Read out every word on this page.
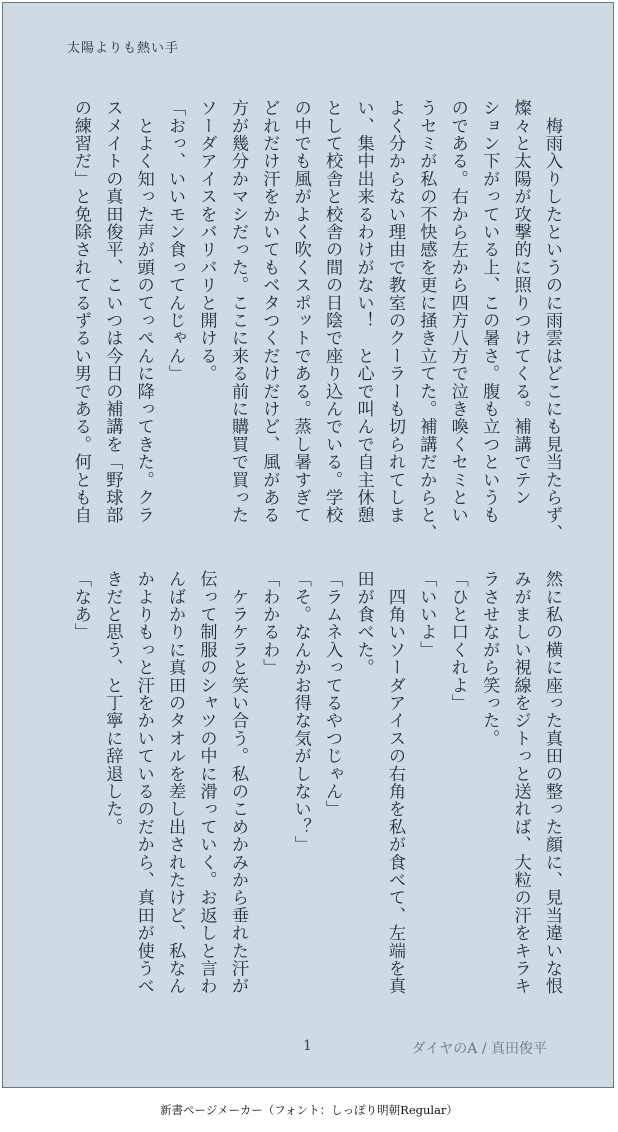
太陽よりも熱い手
　梅雨入りしたというのに雨雲はどこにも見当たらず、
燦々と太陽が攻撃的に照りつけてくる。補講でテン
ション下がっている上、この暑さ。腹も立つというも
のである。右から左から四方八方で泣き喚くセミとい
うセミが私の不快感を更に掻き立てた。補講だからと、
よく分からない理由で教室のクーラーも切られてしま
い、集中出来るわけがない！　と心で叫んで自主休憩
として校舎と校舎の間の日陰で座り込んでいる。学校
の中でも風がよく吹くスポットである。蒸し暑すぎて
どれだけ汗をかいてもベタつくだけだけど、風がある
方が幾分かマシだった。ここに来る前に購買で買った
ソーダアイスをバリバリと開ける。
「おっ、いいモン食ってんじゃん」
　とよく知った声が頭のてっぺんに降ってきた。クラ
スメイトの真田俊平、こいつは今日の補講を「野球部
の練習だ」と免除されてるずるい男である。何とも自
然に私の横に座った真田の整った顔に、見当違いな恨
みがましい視線をジトっと送れば、大粒の汗をキラキ
ラさせながら笑った。
「ひと口くれよ」
「いいよ」
　四角いソーダアイスの右角を私が食べて、左端を真
田が食べた。
「ラムネ入ってるやつじゃん」
「そ。なんかお得な気がしない？」
「わかるわ」
　ケラケラと笑い合う。私のこめかみから垂れた汗が
伝って制服のシャツの中に滑っていく。お返しと言わ
んばかりに真田のタオルを差し出されたけど、私なん
かよりもっと汗をかいているのだから、真田が使うべ
きだと思う、と丁寧に辞退した。
「なあ」
1	ダイヤのA / 真田俊平
新書ページメーカー（フォント：しっぽり明朝Regular）
